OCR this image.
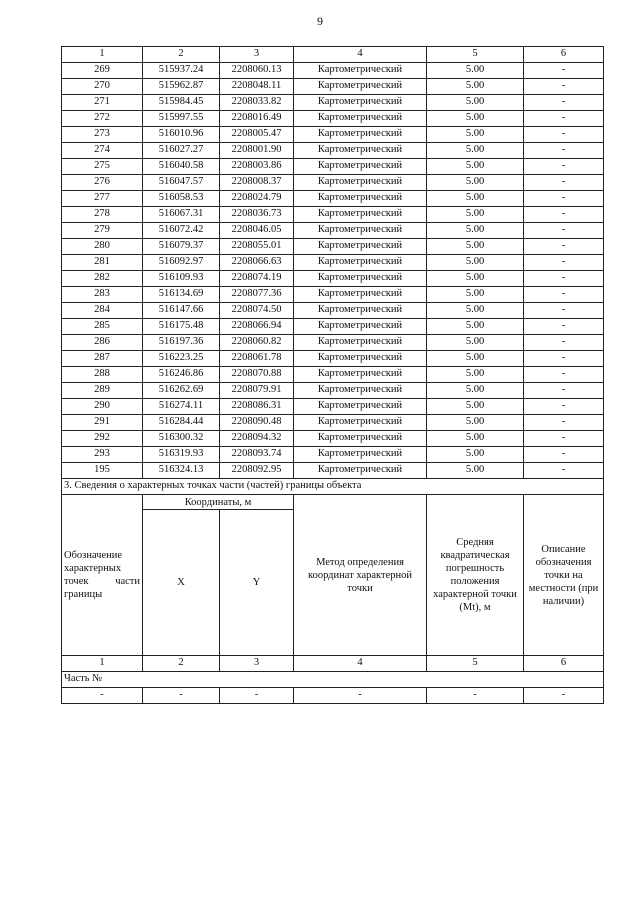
9
1	2	3	4	5	6
269	515937.24	2208060.13	Картометрический	5.00	-
270	515962.87	2208048.11	Картометрический	5.00	-
271	515984.45	2208033.82	Картометрический	5.00	-
272	515997.55	2208016.49	Картометрический	5.00	-
273	516010.96	2208005.47	Картометрический	5.00	-
274	516027.27	2208001.90	Картометрический	5.00	-
275	516040.58	2208003.86	Картометрический	5.00	-
276	516047.57	2208008.37	Картометрический	5.00	-
277	516058.53	2208024.79	Картометрический	5.00	-
278	516067.31	2208036.73	Картометрический	5.00	-
279	516072.42	2208046.05	Картометрический	5.00	-
280	516079.37	2208055.01	Картометрический	5.00	-
281	516092.97	2208066.63	Картометрический	5.00	-
282	516109.93	2208074.19	Картометрический	5.00	-
283	516134.69	2208077.36	Картометрический	5.00	-
284	516147.66	2208074.50	Картометрический	5.00	-
285	516175.48	2208066.94	Картометрический	5.00	-
286	516197.36	2208060.82	Картометрический	5.00	-
287	516223.25	2208061.78	Картометрический	5.00	-
288	516246.86	2208070.88	Картометрический	5.00	-
289	516262.69	2208079.91	Картометрический	5.00	-
290	516274.11	2208086.31	Картометрический	5.00	-
291	516284.44	2208090.48	Картометрический	5.00	-
292	516300.32	2208094.32	Картометрический	5.00	-
293	516319.93	2208093.74	Картометрический	5.00	-
195	516324.13	2208092.95	Картометрический	5.00	-
3. Сведения о характерных точках части (частей) границы объекта					
Обозначение характерных точек части границы	Координаты, м		Метод определения координат характерной точки	Средняя квадратическая погрешность положения характерной точки (Mt), м	Описание обозначения точки на местности (при наличии)
	X	Y			
1	2	3	4	5	6
Часть №					
-	-	-	-	-	-
